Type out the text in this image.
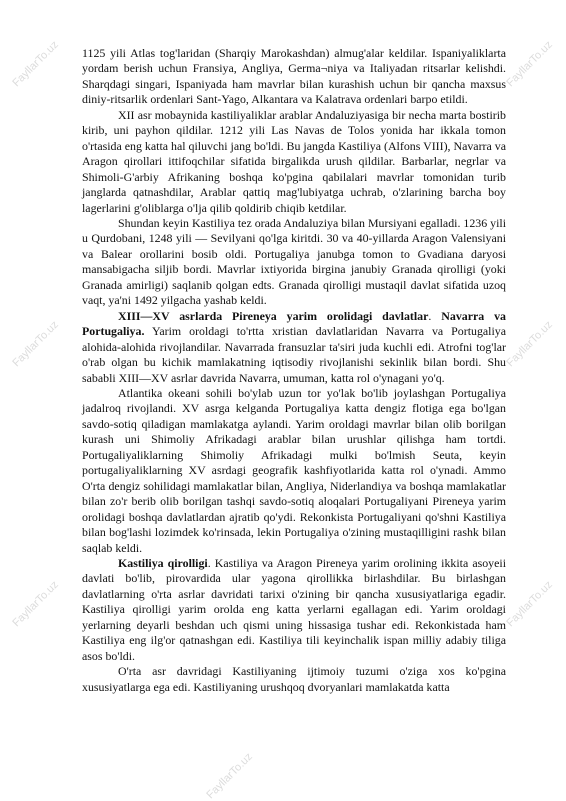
FayllarTo.uz
FayllarTo.uz
FayllarTo.uz
FayllarTo.uz
FayllarTo.uz
FayllarTo.uz
FayllarTo.uz

1125 yili Atlas tog'laridan (Sharqiy Marokashdan) almug'alar keldilar. Ispaniyaliklarta yordam berish uchun Fransiya, Angliya, Germa¬niya va Italiyadan ritsarlar kelishdi. Sharqdagi singari, Ispaniyada ham mavrlar bilan kurashish uchun bir qancha maxsus diniy-ritsarlik ordenlari Sant-Yago, Alkantara va Kalatrava ordenlari barpo etildi.

XII asr mobaynida kastiliyaliklar arablar Andaluziyasiga bir necha marta bostirib kirib, uni payhon qildilar. 1212 yili Las Navas de Tolos yonida har ikkala tomon o'rtasida eng katta hal qiluvchi jang bo'ldi. Bu jangda Kastiliya (Alfons VIII), Navarra va Aragon qirollari ittifoqchilar sifatida birgalikda urush qildilar. Barbarlar, negrlar va Shimoli-G'arbiy Afrikaning boshqa ko'pgina qabilalari mavrlar tomonidan turib janglarda qatnashdilar, Arablar qattiq mag'lubiyatga uchrab, o'zlarining barcha boy lagerlarini g'oliblarga o'lja qilib qoldirib chiqib ketdilar.

Shundan keyin Kastiliya tez orada Andaluziya bilan Mursiyani egalladi. 1236 yili u Qurdobani, 1248 yili — Sevilyani qo'lga kiritdi. 30 va 40-yillarda Aragon Valensiyani va Balear orollarini bosib oldi. Portugaliya janubga tomon to Gvadiana daryosi mansabigacha siljib bordi. Mavrlar ixtiyorida birgina janubiy Granada qirolligi (yoki Granada amirligi) saqlanib qolgan edts. Granada qirolligi mustaqil davlat sifatida uzoq vaqt, ya'ni 1492 yilgacha yashab keldi.

XIII—XV asrlarda Pireneya yarim orolidagi davlatlar. Navarra va Portugaliya. Yarim oroldagi to'rtta xristian davlatlaridan Navarra va Portugaliya alohida-alohida rivojlandilar. Navarrada fransuzlar ta'siri juda kuchli edi. Atrofni tog'lar o'rab olgan bu kichik mamlakatning iqtisodiy rivojlanishi sekinlik bilan bordi. Shu sababli XIII—XV asrlar davrida Navarra, umuman, katta rol o'ynagani yo'q.

Atlantika okeani sohili bo'ylab uzun tor yo'lak bo'lib joylashgan Portugaliya jadalroq rivojlandi. XV asrga kelganda Portugaliya katta dengiz flotiga ega bo'lgan savdo-sotiq qiladigan mamlakatga aylandi. Yarim oroldagi mavrlar bilan olib borilgan kurash uni Shimoliy Afrikadagi arablar bilan urushlar qilishga ham tortdi. Portugaliyaliklarning Shimoliy Afrikadagi mulki bo'lmish Seuta, keyin portugaliyaliklarning XV asrdagi geografik kashfiyotlarida katta rol o'ynadi. Ammo O'rta dengiz sohilidagi mamlakatlar bilan, Angliya, Niderlandiya va boshqa mamlakatlar bilan zo'r berib olib borilgan tashqi savdo-sotiq aloqalari Portugaliyani Pireneya yarim orolidagi boshqa davlatlardan ajratib qo'ydi. Rekonkista Portugaliyani qo'shni Kastiliya bilan bog'lashi lozimdek ko'rinsada, lekin Portugaliya o'zining mustaqilligini rashk bilan saqlab keldi.

Kastiliya qirolligi. Kastiliya va Aragon Pireneya yarim orolining ikkita asoyeii davlati bo'lib, pirovardida ular yagona qirollikka birlashdilar. Bu birlashgan davlatlarning o'rta asrlar davridati tarixi o'zining bir qancha xususiyatlariga egadir. Kastiliya qirolligi yarim orolda eng katta yerlarni egallagan edi. Yarim oroldagi yerlarning deyarli beshdan uch qismi uning hissasiga tushar edi. Rekonkistada ham Kastiliya eng ilg'or qatnashgan edi. Kastiliya tili keyinchalik ispan milliy adabiy tiliga asos bo'ldi.

O'rta asr davridagi Kastiliyaning ijtimoiy tuzumi o'ziga xos ko'pgina xususiyatlarga ega edi. Kastiliyaning urushqoq dvoryanlari mamlakatda katta
